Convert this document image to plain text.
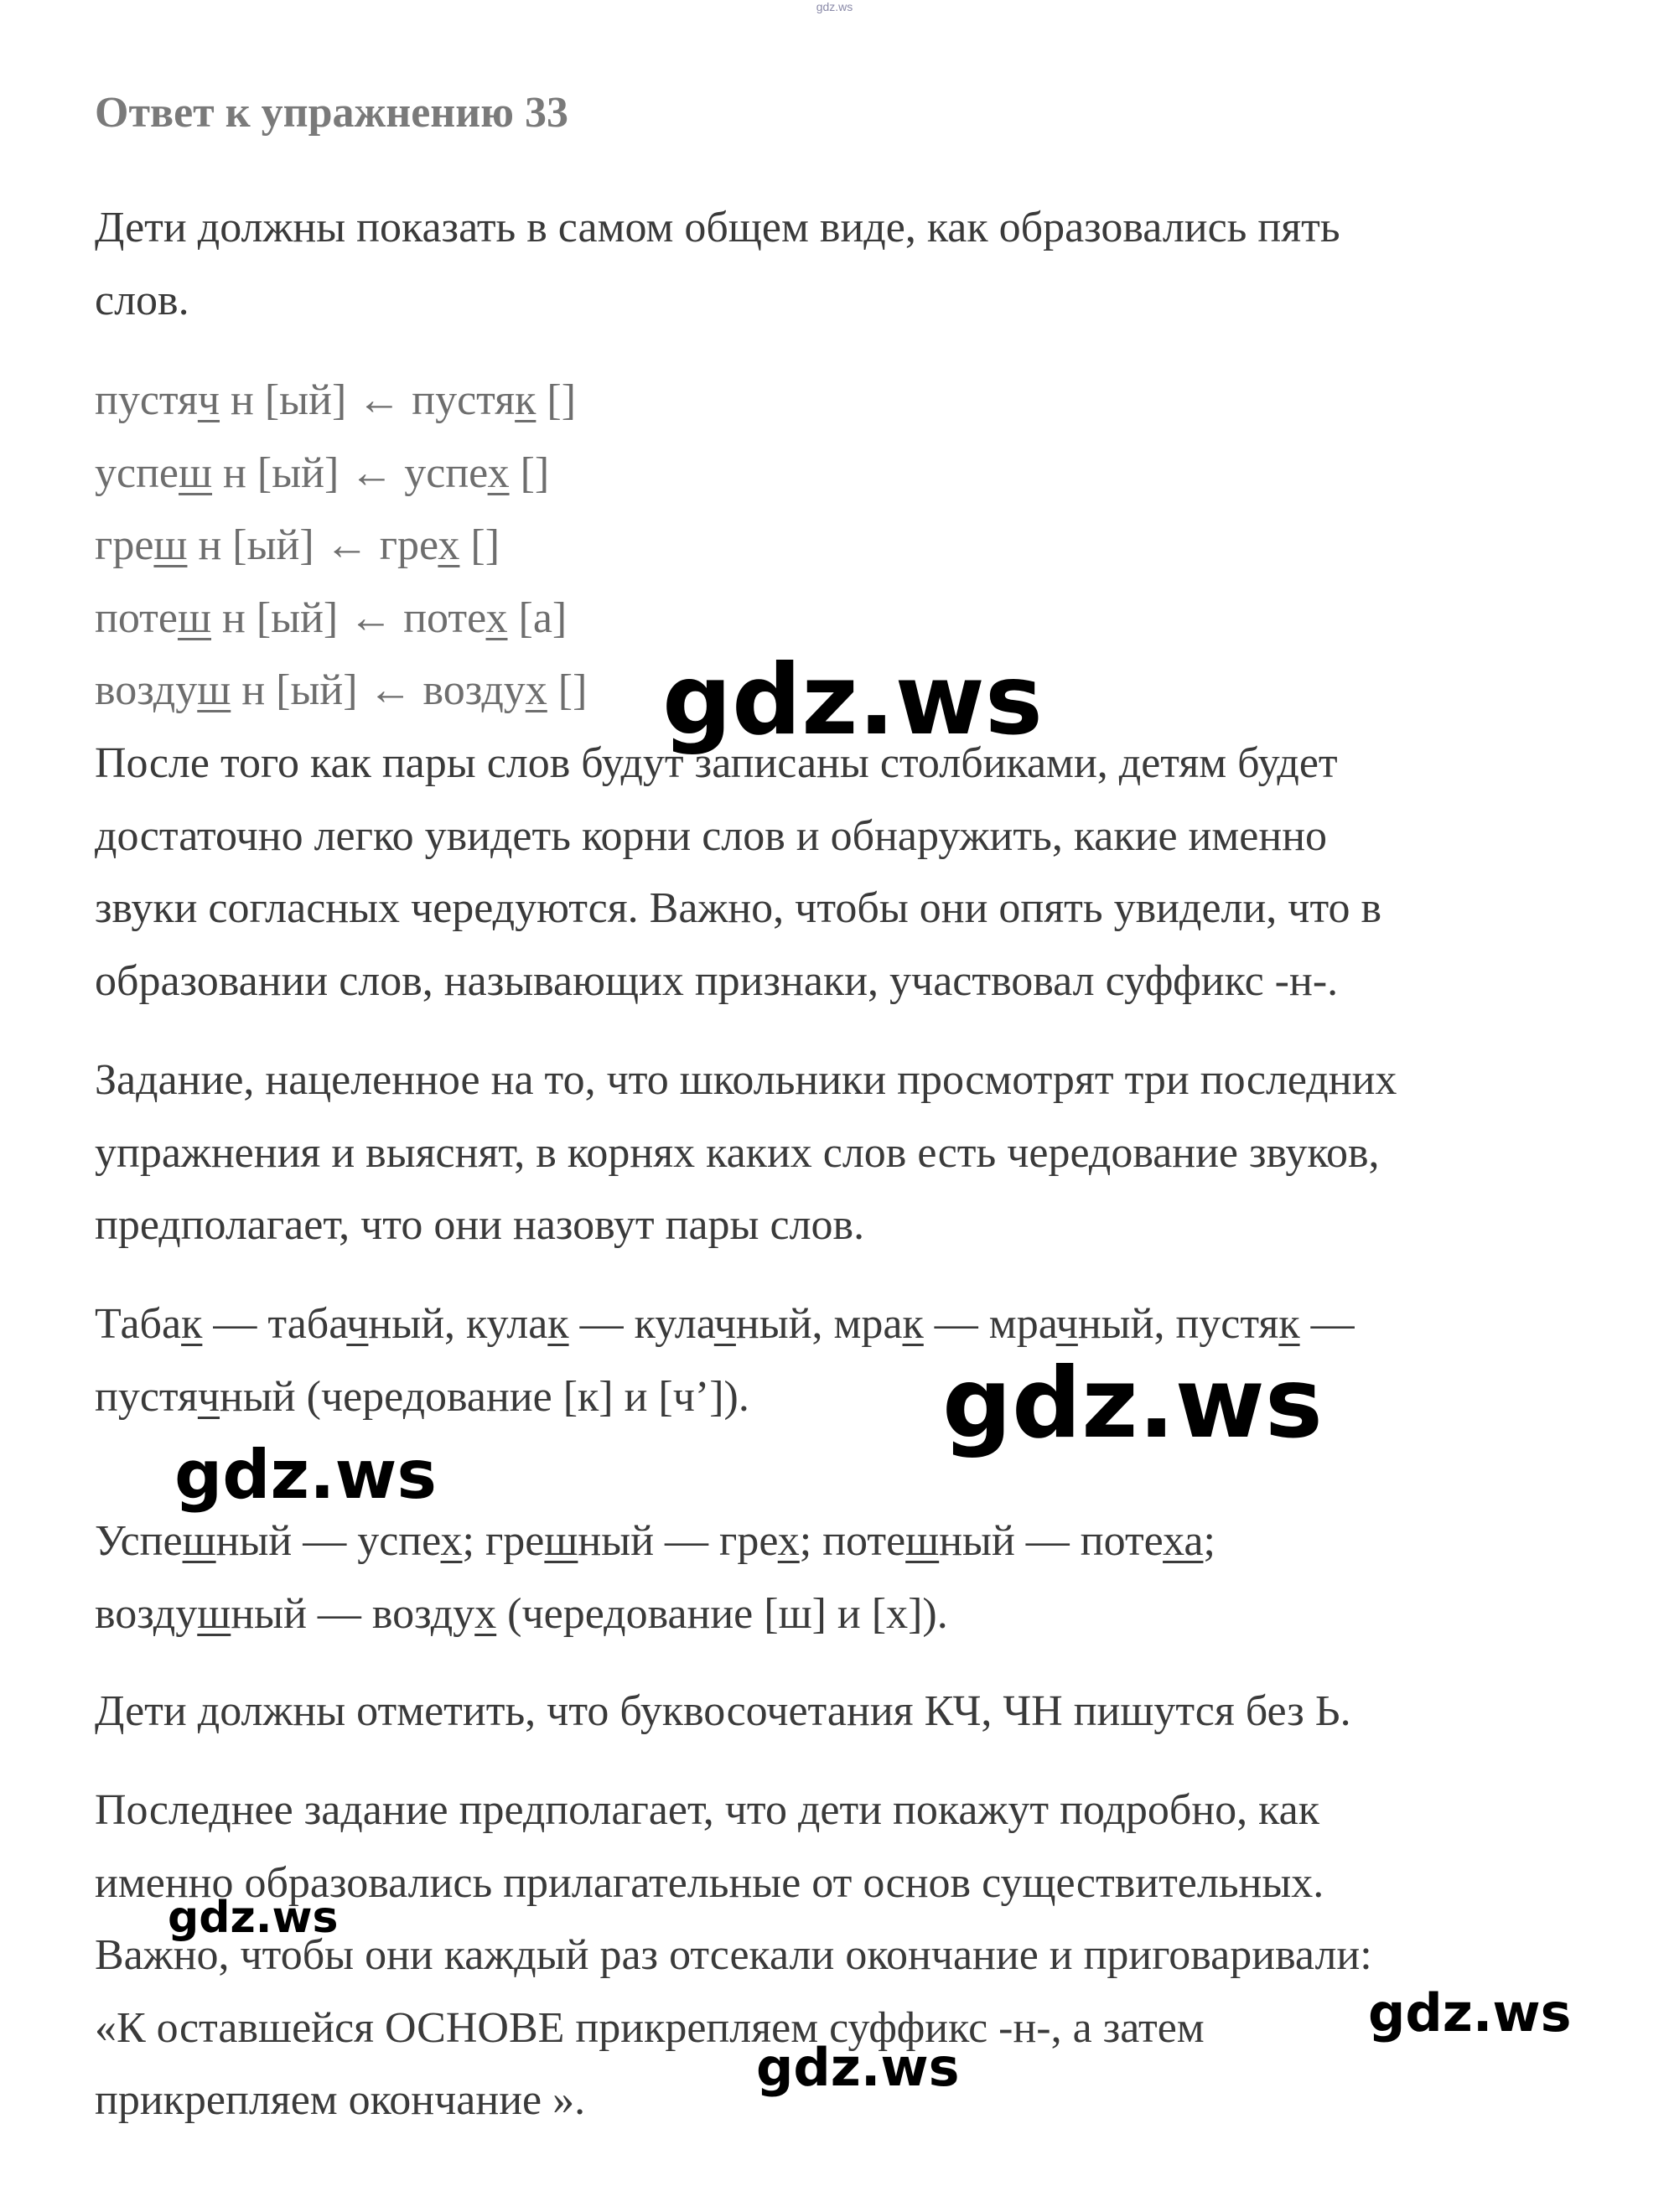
gdz.ws
Ответ к упражнению 33

Дети должны показать в самом общем виде, как образовались пять
слов.

пустяч н [ый] ← пустяк []
успеш н [ый] ← успех []
греш н [ый] ← грех []
потеш н [ый] ← потех [а]
воздуш н [ый] ← воздух []

После того как пары слов будут записаны столбиками, детям будет
достаточно легко увидеть корни слов и обнаружить, какие именно
звуки согласных чередуются. Важно, чтобы они опять увидели, что в
образовании слов, называющих признаки, участвовал суффикс -н-.

Задание, нацеленное на то, что школьники просмотрят три последних
упражнения и выяснят, в корнях каких слов есть чередование звуков,
предполагает, что они назовут пары слов.

Табак — табачный, кулак — кулачный, мрак — мрачный, пустяк —
пустячный (чередование [к] и [ч’]).

Успешный — успех; грешный — грех; потешный — потеха;
воздушный — воздух (чередование [ш] и [х]).

Дети должны отметить, что буквосочетания КЧ, ЧН пишутся без Ь.

Последнее задание предполагает, что дети покажут подробно, как
именно образовались прилагательные от основ существительных.
Важно, чтобы они каждый раз отсекали окончание и приговаривали:
«К оставшейся ОСНОВЕ прикрепляем суффикс -н-, а затем
прикрепляем окончание ».

gdz.ws
gdz.ws
gdz.ws
gdz.ws
gdz.ws
gdz.ws
